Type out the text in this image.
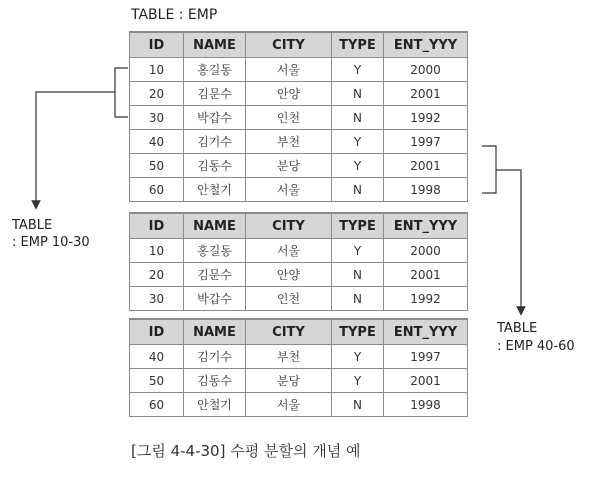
TABLE : EMP
ID	NAME	CITY	TYPE	ENT_YYY
10	홍길동	서울	Y	2000
20	김문수	안양	N	2001
30	박갑수	인천	N	1992
40	김기수	부천	Y	1997
50	김동수	분당	Y	2001
60	안철기	서울	N	1998
ID	NAME	CITY	TYPE	ENT_YYY
10	홍길동	서울	Y	2000
20	김문수	안양	N	2001
30	박갑수	인천	N	1992
ID	NAME	CITY	TYPE	ENT_YYY
40	김기수	부천	Y	1997
50	김동수	분당	Y	2001
60	안철기	서울	N	1998
TABLE
: EMP 10-30
TABLE
: EMP 40-60
[그림 4-4-30] 수평 분할의 개념 예
